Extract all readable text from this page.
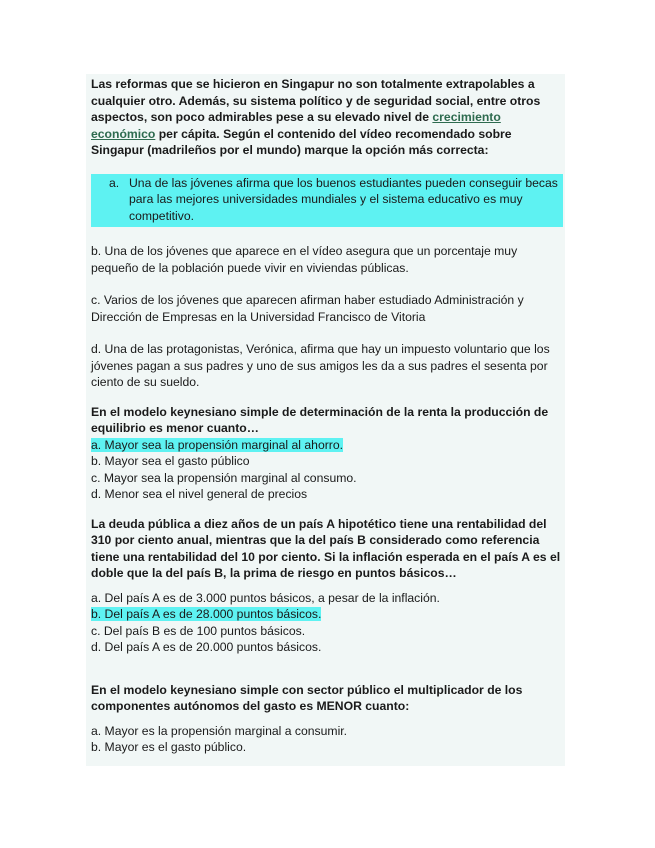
Las reformas que se hicieron en Singapur no son totalmente extrapolables a cualquier otro. Además, su sistema político y de seguridad social, entre otros aspectos, son poco admirables pese a su elevado nivel de crecimiento económico per cápita. Según el contenido del vídeo recomendado sobre Singapur (madrileños por el mundo) marque la opción más correcta:

a. Una de las jóvenes afirma que los buenos estudiantes pueden conseguir becas para las mejores universidades mundiales y el sistema educativo es muy competitivo.

b. Una de los jóvenes que aparece en el vídeo asegura que un porcentaje muy pequeño de la población puede vivir en viviendas públicas.

c. Varios de los jóvenes que aparecen afirman haber estudiado Administración y Dirección de Empresas en la Universidad Francisco de Vitoria

d. Una de las protagonistas, Verónica, afirma que hay un impuesto voluntario que los jóvenes pagan a sus padres y uno de sus amigos les da a sus padres el sesenta por ciento de su sueldo.

En el modelo keynesiano simple de determinación de la renta la producción de equilibrio es menor cuanto…

a. Mayor sea la propensión marginal al ahorro.

b. Mayor sea el gasto público

c. Mayor sea la propensión marginal al consumo.

d. Menor sea el nivel general de precios

La deuda pública a diez años de un país A hipotético tiene una rentabilidad del 310 por ciento anual, mientras que la del país B considerado como referencia tiene una rentabilidad del 10 por ciento. Si la inflación esperada en el país A es el doble que la del país B, la prima de riesgo en puntos básicos…

a. Del país A es de 3.000 puntos básicos, a pesar de la inflación.

b. Del país A es de 28.000 puntos básicos.

c. Del país B es de 100 puntos básicos.

d. Del país A es de 20.000 puntos básicos.

En el modelo keynesiano simple con sector público el multiplicador de los componentes autónomos del gasto es MENOR cuanto:

a. Mayor es la propensión marginal a consumir.

b. Mayor es el gasto público.
